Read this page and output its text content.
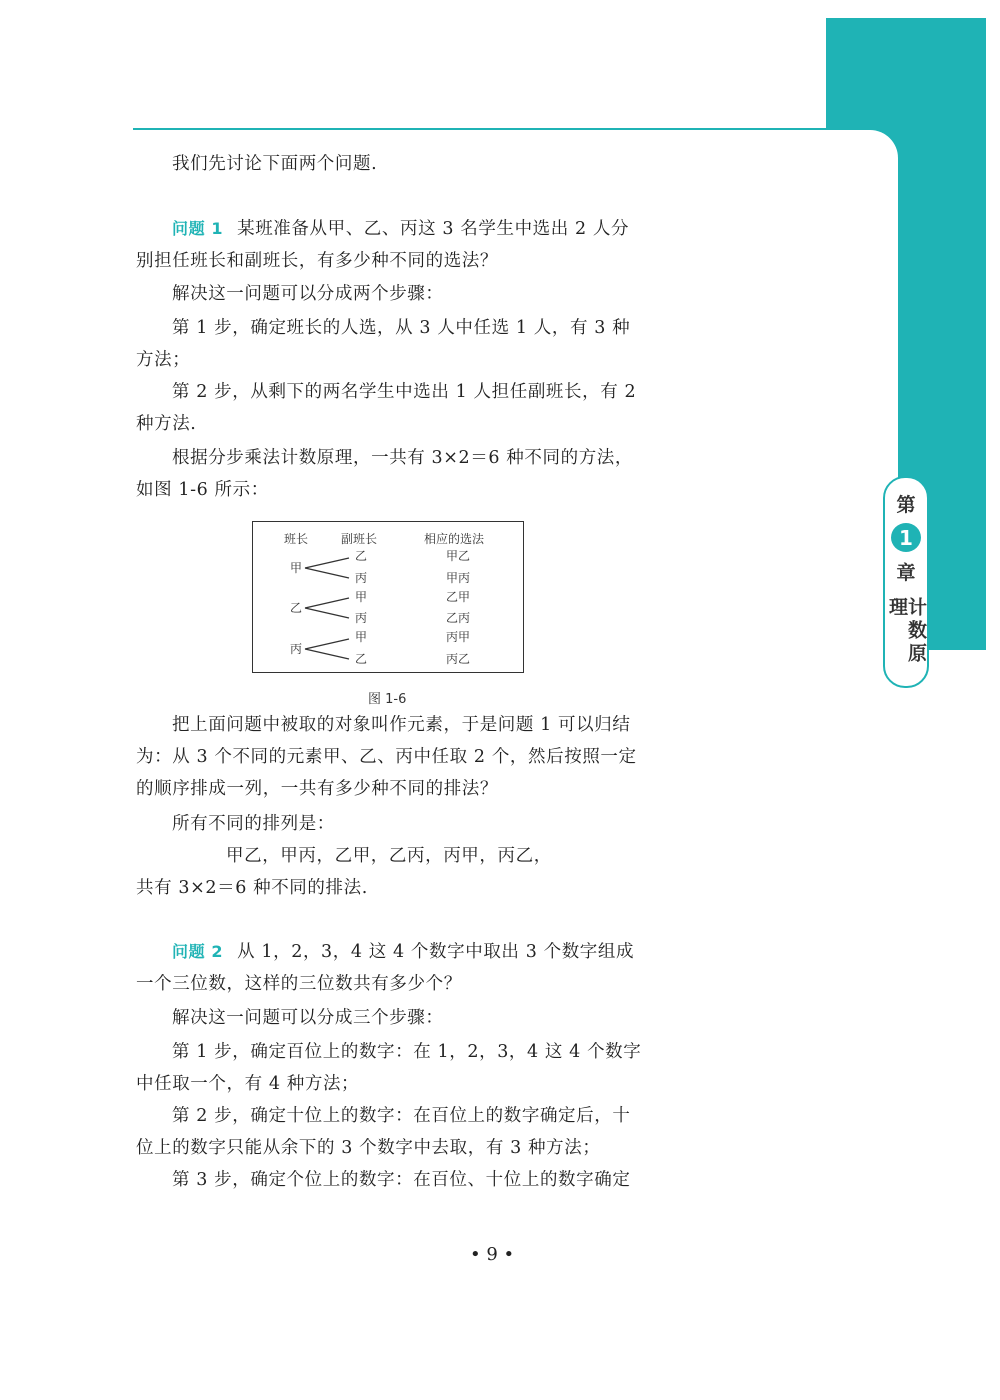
第
1
章
计数原理

我们先讨论下面两个问题.

问题 1 某班准备从甲、乙、丙这 3 名学生中选出 2 人分别担任班长和副班长，有多少种不同的选法？

解决这一问题可以分成两个步骤：

第 1 步，确定班长的人选，从 3 人中任选 1 人，有 3 种方法；

第 2 步，从剩下的两名学生中选出 1 人担任副班长，有 2 种方法.

根据分步乘法计数原理，一共有 3×2＝6 种不同的方法，如图 1-6 所示：

班长	副班长	相应的选法
甲
乙
丙
甲乙
甲丙
乙
甲
丙
乙甲
乙丙
丙
甲
乙
丙甲
丙乙
图 1-6

把上面问题中被取的对象叫作元素，于是问题 1 可以归结为：从 3 个不同的元素甲、乙、丙中任取 2 个，然后按照一定的顺序排成一列，一共有多少种不同的排法？

所有不同的排列是：

甲乙，甲丙，乙甲，乙丙，丙甲，丙乙，

共有 3×2＝6 种不同的排法.

问题 2 从 1，2，3，4 这 4 个数字中取出 3 个数字组成一个三位数，这样的三位数共有多少个？

解决这一问题可以分成三个步骤：

第 1 步，确定百位上的数字：在 1，2，3，4 这 4 个数字中任取一个，有 4 种方法；

第 2 步，确定十位上的数字：在百位上的数字确定后，十位上的数字只能从余下的 3 个数字中去取，有 3 种方法；

第 3 步，确定个位上的数字：在百位、十位上的数字确定

• 9 •
